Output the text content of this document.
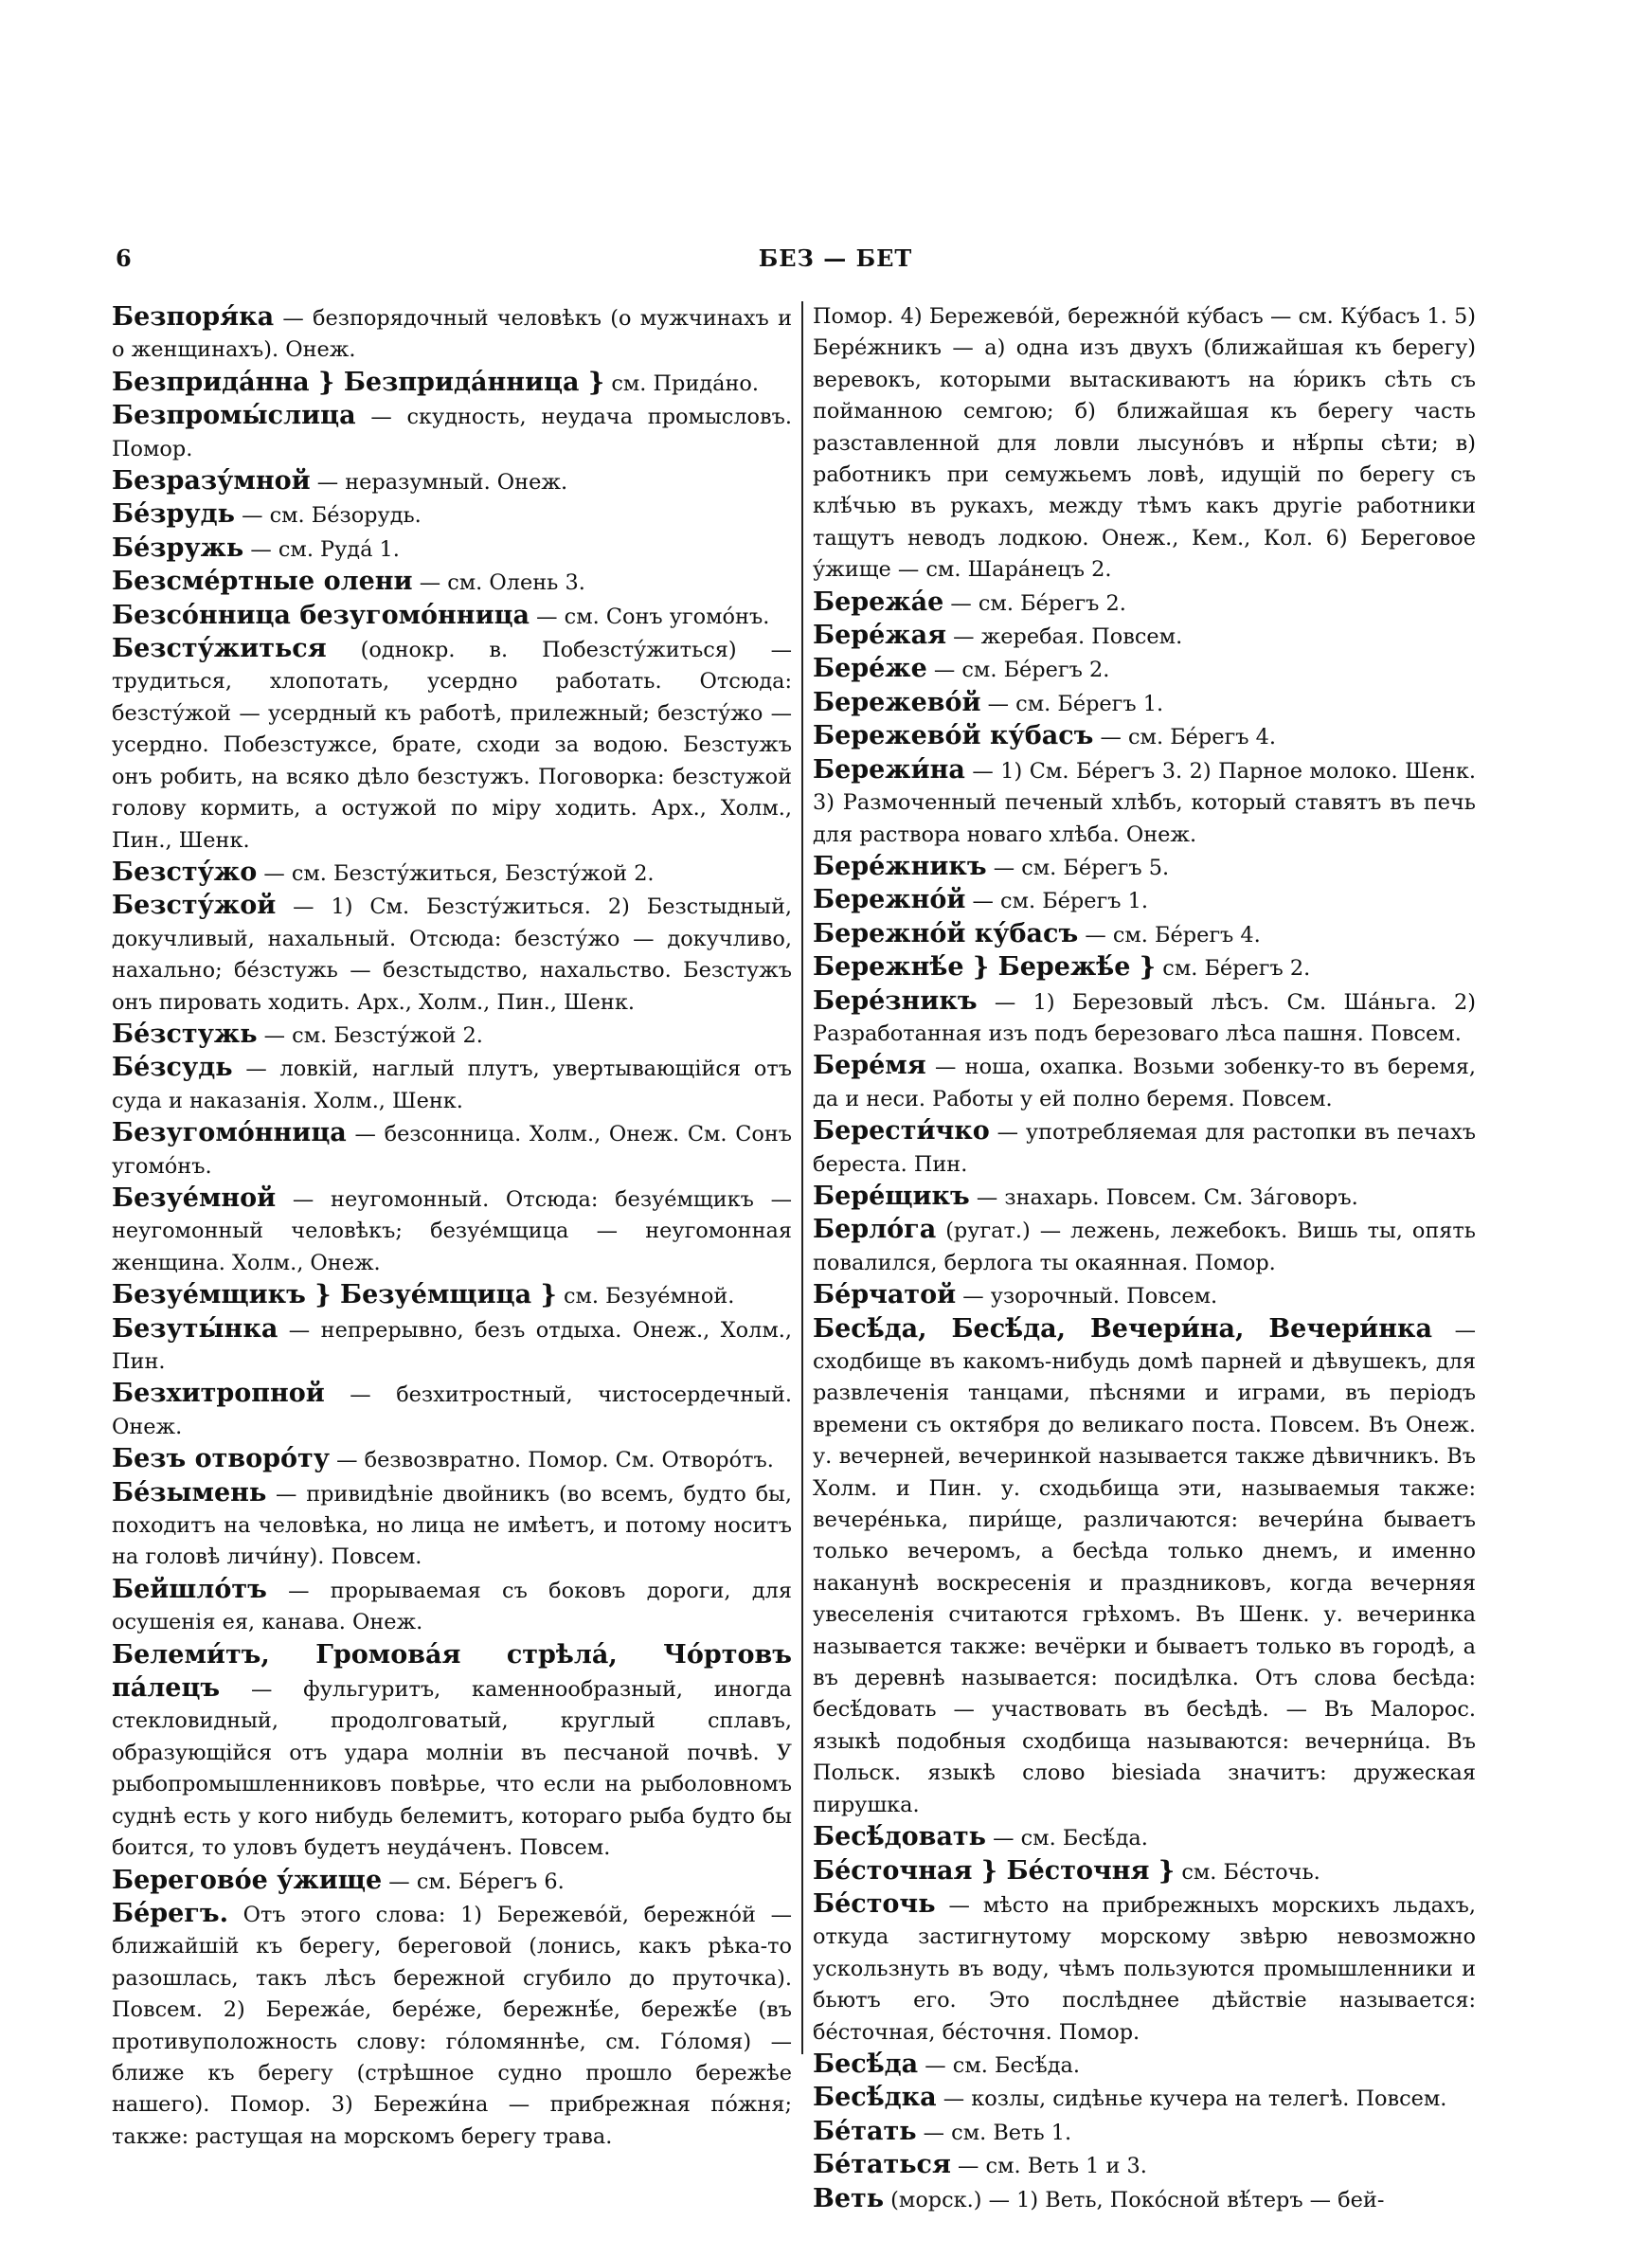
6	БЕЗ — БЕТ

Безпоря́ка — безпорядочный человѣкъ (о мужчинахъ и о женщинахъ). Онеж.

Безприда́нна } Безприда́нница } см. Прида́но.

Безпромы́слица — скудность, неудача промысловъ. Помор.

Безразу́мной — неразумный. Онеж.

Бе́зрудь — см. Бе́зорудь.

Бе́зружь — см. Руда́ 1.

Безсме́ртные олени — см. Олень 3.

Безсо́нница безугомо́нница — см. Сонъ угомо́нъ.

Безсту́житься (однокр. в. Побезсту́житься) — трудиться, хлопотать, усердно работать. Отсюда: безсту́жой — усердный къ работѣ, прилежный; безсту́жо — усердно. Побезстужсе, брате, сходи за водою. Безстужъ онъ робить, на всяко дѣло безстужъ. Поговорка: безстужой голову кормить, а остужой по міру ходить. Арх., Холм., Пин., Шенк.

Безсту́жо — см. Безсту́житься, Безсту́жой 2.

Безсту́жой — 1) См. Безсту́житься. 2) Безстыдный, докучливый, нахальный. Отсюда: безсту́жо — докучливо, нахально; бе́зстужь — безстыдство, нахальство. Безстужъ онъ пировать ходить. Арх., Холм., Пин., Шенк.

Бе́зстужь — см. Безсту́жой 2.

Бе́зсудь — ловкій, наглый плутъ, увертывающійся отъ суда и наказанія. Холм., Шенк.

Безугомо́нница — безсонница. Холм., Онеж. См. Сонъ угомо́нъ.

Безуе́мной — неугомонный. Отсюда: безуе́мщикъ — неугомонный человѣкъ; безуе́мщица — неугомонная женщина. Холм., Онеж.

Безуе́мщикъ } Безуе́мщица } см. Безуе́мной.

Безуты́нка — непрерывно, безъ отдыха. Онеж., Холм., Пин.

Безхитропной — безхитростный, чистосердечный. Онеж.

Безъ отворо́ту — безвозвратно. Помор. См. Отворо́тъ.

Бе́зымень — привидѣніе двойникъ (во всемъ, будто бы, походитъ на человѣка, но лица не имѣетъ, и потому носитъ на головѣ личи́ну). Повсем.

Бейшло́тъ — прорываемая съ боковъ дороги, для осушенія ея, канава. Онеж.

Белеми́тъ, Громова́я стрѣла́, Чо́ртовъ па́лецъ — фульгуритъ, каменнообразный, иногда стекловидный, продолговатый, круглый сплавъ, образующійся отъ удара молніи въ песчаной почвѣ. У рыбопромышленниковъ повѣрье, что если на рыболовномъ суднѣ есть у кого нибудь белемитъ, котораго рыба будто бы боится, то уловъ будетъ неуда́ченъ. Повсем.

Берегово́е у́жище — см. Бе́регъ 6.

Бе́регъ. Отъ этого слова: 1) Бережево́й, бережно́й — ближайшій къ берегу, береговой (лонись, какъ рѣка-то разошлась, такъ лѣсъ бережной сгубило до пруточка). Повсем. 2) Бережа́е, бере́же, бережнѣ́е, бережѣ́е (въ противуположность слову: го́ломяннѣе, см. Го́ломя) — ближе къ берегу (стрѣшное судно прошло бережѣе нашего). Помор. 3) Бережи́на — прибрежная по́жня; также: растущая на морскомъ берегу трава.

Помор. 4) Бережево́й, бережно́й ку́басъ — см. Ку́басъ 1. 5) Бере́жникъ — а) одна изъ двухъ (ближайшая къ берегу) веревокъ, которыми вытаскиваютъ на ю́рикъ сѣть съ пойманною семгою; б) ближайшая къ берегу часть разставленной для ловли лысуно́въ и нѣ́рпы сѣти; в) работникъ при семужьемъ ловѣ, идущій по берегу съ клѣ́чью въ рукахъ, между тѣмъ какъ другіе работники тащутъ неводъ лодкою. Онеж., Кем., Кол. 6) Береговое у́жище — см. Шара́нецъ 2.

Бережа́е — см. Бе́регъ 2.

Бере́жая — жеребая. Повсем.

Бере́же — см. Бе́регъ 2.

Бережево́й — см. Бе́регъ 1.

Бережево́й ку́басъ — см. Бе́регъ 4.

Бережи́на — 1) См. Бе́регъ 3. 2) Парное молоко. Шенк. 3) Размоченный печеный хлѣбъ, который ставятъ въ печь для раствора новаго хлѣба. Онеж.

Бере́жникъ — см. Бе́регъ 5.

Бережно́й — см. Бе́регъ 1.

Бережно́й ку́басъ — см. Бе́регъ 4.

Бережнѣ́е } Бережѣ́е } см. Бе́регъ 2.

Бере́зникъ — 1) Березовый лѣсъ. См. Ша́ньга. 2) Разработанная изъ подъ березоваго лѣса пашня. Повсем.

Бере́мя — ноша, охапка. Возьми зобенку-то въ беремя, да и неси. Работы у ей полно беремя. Повсем.

Берести́чко — употребляемая для растопки въ печахъ береста. Пин.

Бере́щикъ — знахарь. Повсем. См. За́говоръ.

Берло́га (ругат.) — лежень, лежебокъ. Вишь ты, опять повалился, берлога ты окаянная. Помор.

Бе́рчатой — узорочный. Повсем.

Бесѣ́да, Бесѣ́да, Вечери́на, Вечери́нка — сходбище въ какомъ-нибудь домѣ парней и дѣвушекъ, для развлеченія танцами, пѣснями и играми, въ періодъ времени съ октября до великаго поста. Повсем. Въ Онеж. у. вечерней, вечеринкой называется также дѣвичникъ. Въ Холм. и Пин. у. сходьбища эти, называемыя также: вечере́нька, пири́ще, различаются: вечери́на бываетъ только вечеромъ, а бесѣда только днемъ, и именно наканунѣ воскресенія и праздниковъ, когда вечерняя увеселенія считаются грѣхомъ. Въ Шенк. у. вечеринка называется также: вечёрки и бываетъ только въ городѣ, а въ деревнѣ называется: посидѣлка. Отъ слова бесѣда: бесѣ́довать — участвовать въ бесѣдѣ. — Въ Малорос. языкѣ подобныя сходбища называются: вечерни́ца. Въ Польск. языкѣ слово biesiada значитъ: дружеская пирушка.

Бесѣ́довать — см. Бесѣ́да.

Бе́сточная } Бе́сточня } см. Бе́сточь.

Бе́сточь — мѣсто на прибрежныхъ морскихъ льдахъ, откуда застигнутому морскому звѣрю невозможно ускользнуть въ воду, чѣмъ пользуются промышленники и бьютъ его. Это послѣднее дѣйствіе называется: бе́сточная, бе́сточня. Помор.

Бесѣ́да — см. Бесѣ́да.

Бесѣ́дка — козлы, сидѣнье кучера на телегѣ. Повсем.

Бе́тать — см. Веть 1.

Бе́таться — см. Веть 1 и 3.

Веть (морск.) — 1) Веть, Поко́сной вѣ́теръ — бей-
